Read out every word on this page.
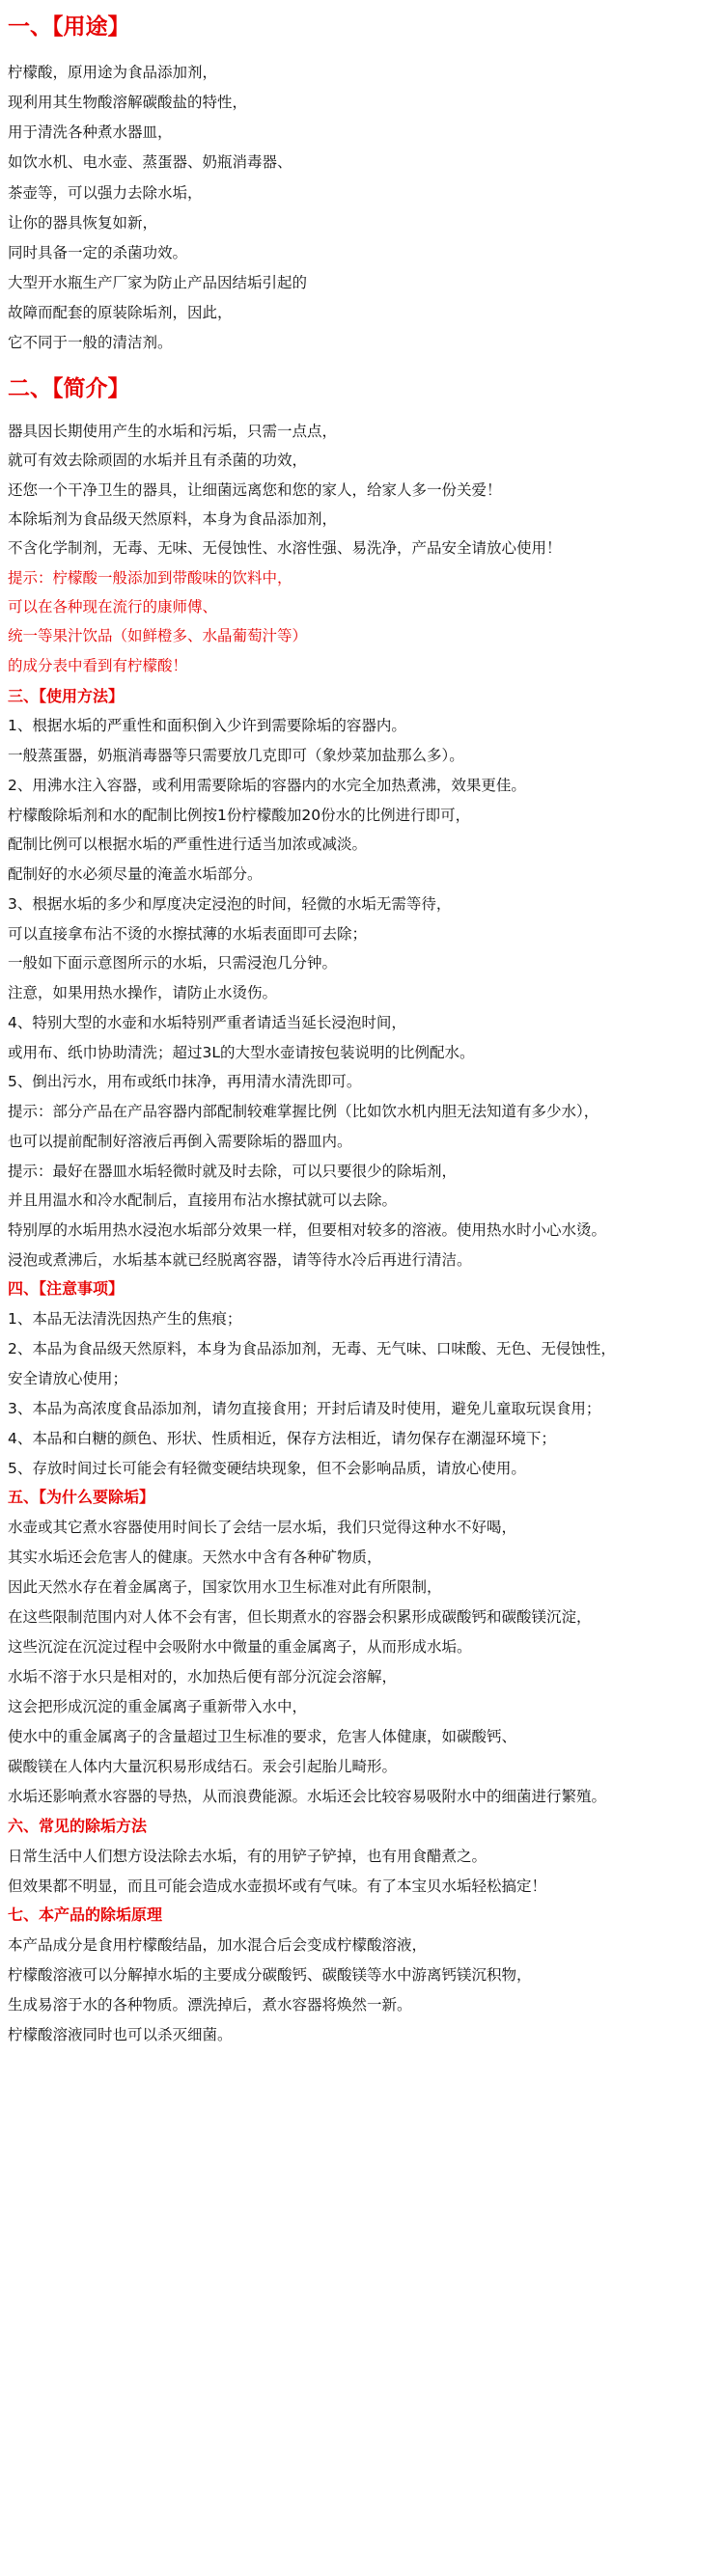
一、【用途】
柠檬酸，原用途为食品添加剂，
现利用其生物酸溶解碳酸盐的特性，
用于清洗各种煮水器皿，
如饮水机、电水壶、蒸蛋器、奶瓶消毒器、
茶壶等，可以强力去除水垢，
让你的器具恢复如新，
同时具备一定的杀菌功效。
大型开水瓶生产厂家为防止产品因结垢引起的
故障而配套的原装除垢剂，因此，
它不同于一般的清洁剂。
二、【简介】
器具因长期使用产生的水垢和污垢，只需一点点，
就可有效去除顽固的水垢并且有杀菌的功效，
还您一个干净卫生的器具，让细菌远离您和您的家人，给家人多一份关爱！
本除垢剂为食品级天然原料，本身为食品添加剂，
不含化学制剂，无毒、无味、无侵蚀性、水溶性强、易洗净，产品安全请放心使用！
提示：柠檬酸一般添加到带酸味的饮料中，
可以在各种现在流行的康师傅、
统一等果汁饮品（如鲜橙多、水晶葡萄汁等）
的成分表中看到有柠檬酸！
三、【使用方法】
1、根据水垢的严重性和面积倒入少许到需要除垢的容器内。
一般蒸蛋器，奶瓶消毒器等只需要放几克即可（象炒菜加盐那么多）。
2、用沸水注入容器，或利用需要除垢的容器内的水完全加热煮沸，效果更佳。
柠檬酸除垢剂和水的配制比例按1份柠檬酸加20份水的比例进行即可，
配制比例可以根据水垢的严重性进行适当加浓或减淡。
配制好的水必须尽量的淹盖水垢部分。
3、根据水垢的多少和厚度决定浸泡的时间，轻微的水垢无需等待，
可以直接拿布沾不烫的水擦拭薄的水垢表面即可去除；
一般如下面示意图所示的水垢，只需浸泡几分钟。
注意，如果用热水操作，请防止水烫伤。
4、特别大型的水壶和水垢特别严重者请适当延长浸泡时间，
或用布、纸巾协助清洗；超过3L的大型水壶请按包装说明的比例配水。
5、倒出污水，用布或纸巾抹净，再用清水清洗即可。
提示：部分产品在产品容器内部配制较难掌握比例（比如饮水机内胆无法知道有多少水），
也可以提前配制好溶液后再倒入需要除垢的器皿内。
提示：最好在器皿水垢轻微时就及时去除，可以只要很少的除垢剂，
并且用温水和冷水配制后，直接用布沾水擦拭就可以去除。
特别厚的水垢用热水浸泡水垢部分效果一样，但要相对较多的溶液。使用热水时小心水烫。
浸泡或煮沸后，水垢基本就已经脱离容器，请等待水冷后再进行清洁。
四、【注意事项】
1、本品无法清洗因热产生的焦痕；
2、本品为食品级天然原料，本身为食品添加剂，无毒、无气味、口味酸、无色、无侵蚀性，
安全请放心使用；
3、本品为高浓度食品添加剂，请勿直接食用；开封后请及时使用，避免儿童取玩误食用；
4、本品和白糖的颜色、形状、性质相近，保存方法相近，请勿保存在潮湿环境下；
5、存放时间过长可能会有轻微变硬结块现象，但不会影响品质，请放心使用。
五、【为什么要除垢】
水壶或其它煮水容器使用时间长了会结一层水垢，我们只觉得这种水不好喝，
其实水垢还会危害人的健康。天然水中含有各种矿物质，
因此天然水存在着金属离子，国家饮用水卫生标准对此有所限制，
在这些限制范围内对人体不会有害，但长期煮水的容器会积累形成碳酸钙和碳酸镁沉淀，
这些沉淀在沉淀过程中会吸附水中微量的重金属离子，从而形成水垢。
水垢不溶于水只是相对的，水加热后便有部分沉淀会溶解，
这会把形成沉淀的重金属离子重新带入水中，
使水中的重金属离子的含量超过卫生标准的要求，危害人体健康，如碳酸钙、
碳酸镁在人体内大量沉积易形成结石。汞会引起胎儿畸形。
水垢还影响煮水容器的导热，从而浪费能源。水垢还会比较容易吸附水中的细菌进行繁殖。
六、常见的除垢方法
日常生活中人们想方设法除去水垢，有的用铲子铲掉，也有用食醋煮之。
但效果都不明显，而且可能会造成水壶损坏或有气味。有了本宝贝水垢轻松搞定！
七、本产品的除垢原理
本产品成分是食用柠檬酸结晶，加水混合后会变成柠檬酸溶液，
柠檬酸溶液可以分解掉水垢的主要成分碳酸钙、碳酸镁等水中游离钙镁沉积物，
生成易溶于水的各种物质。漂洗掉后，煮水容器将焕然一新。
柠檬酸溶液同时也可以杀灭细菌。
